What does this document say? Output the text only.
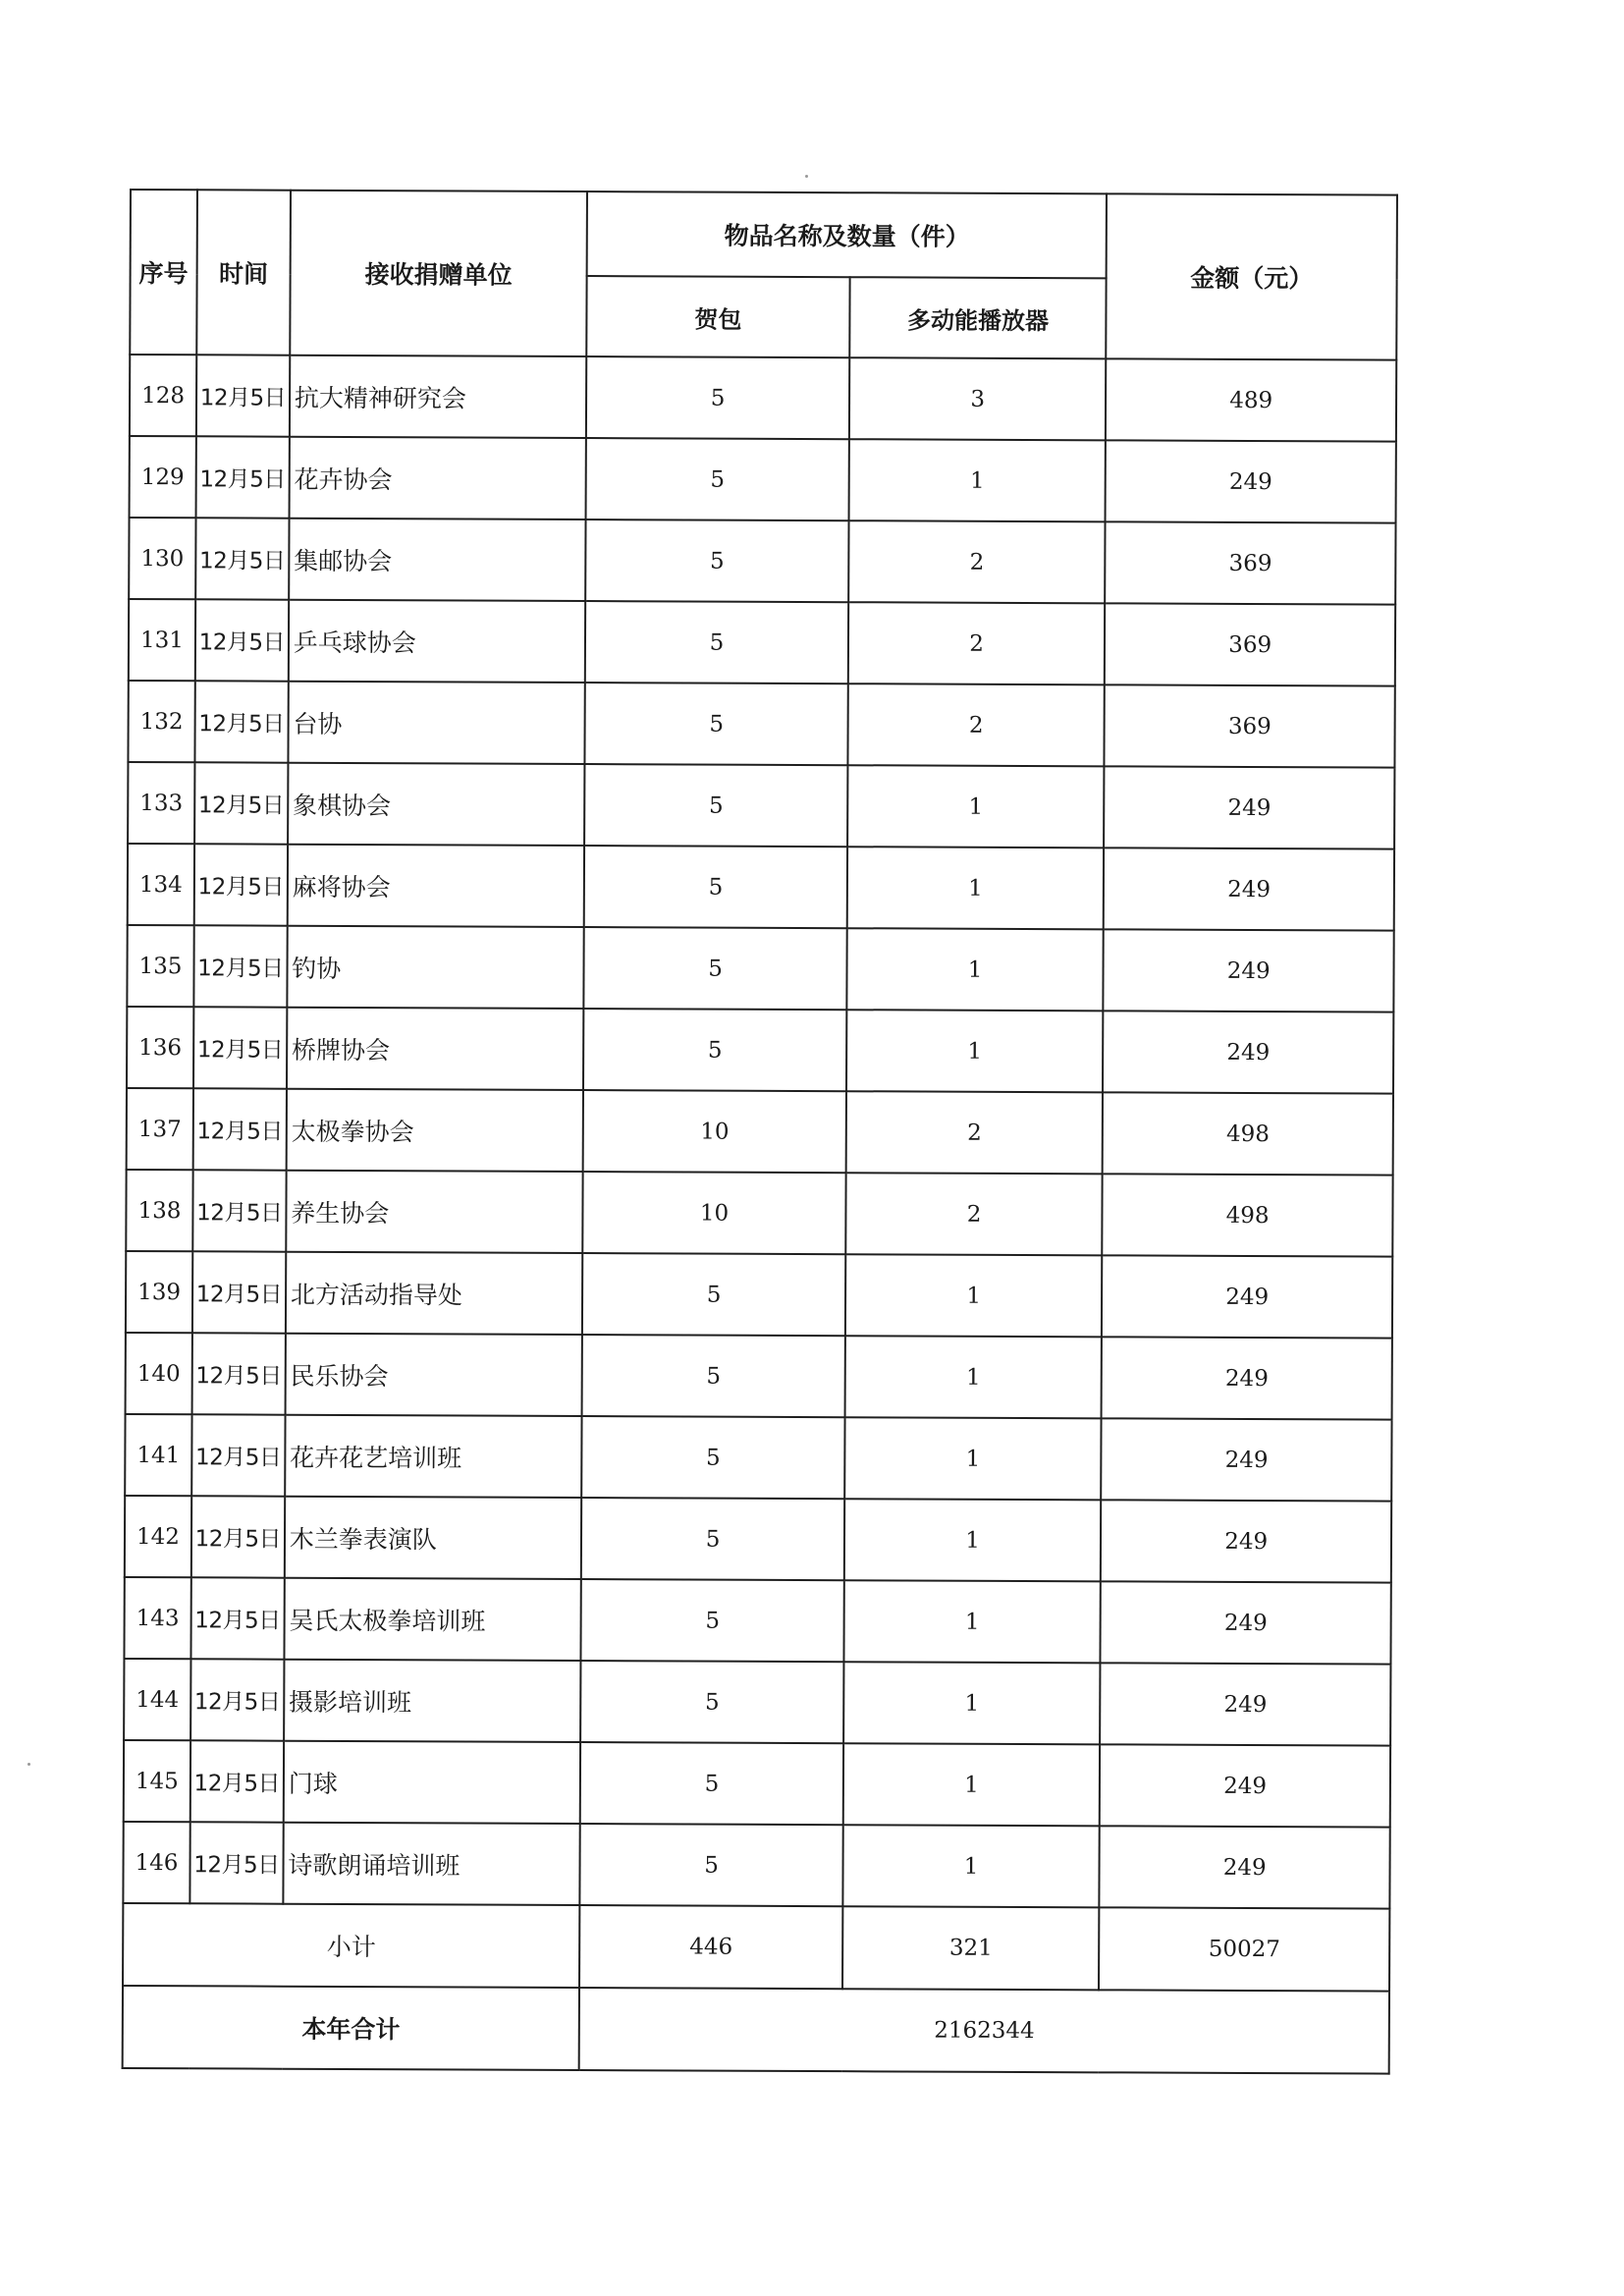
序号	时间	接收捐赠单位	物品名称及数量（件）		金额（元）
			贺包	多动能播放器	
128	12月5日	抗大精神研究会	5	3	489
129	12月5日	花卉协会	5	1	249
130	12月5日	集邮协会	5	2	369
131	12月5日	乒乓球协会	5	2	369
132	12月5日	台协	5	2	369
133	12月5日	象棋协会	5	1	249
134	12月5日	麻将协会	5	1	249
135	12月5日	钓协	5	1	249
136	12月5日	桥牌协会	5	1	249
137	12月5日	太极拳协会	10	2	498
138	12月5日	养生协会	10	2	498
139	12月5日	北方活动指导处	5	1	249
140	12月5日	民乐协会	5	1	249
141	12月5日	花卉花艺培训班	5	1	249
142	12月5日	木兰拳表演队	5	1	249
143	12月5日	吴氏太极拳培训班	5	1	249
144	12月5日	摄影培训班	5	1	249
145	12月5日	门球	5	1	249
146	12月5日	诗歌朗诵培训班	5	1	249
小计			446	321	50027
本年合计			2162344		
